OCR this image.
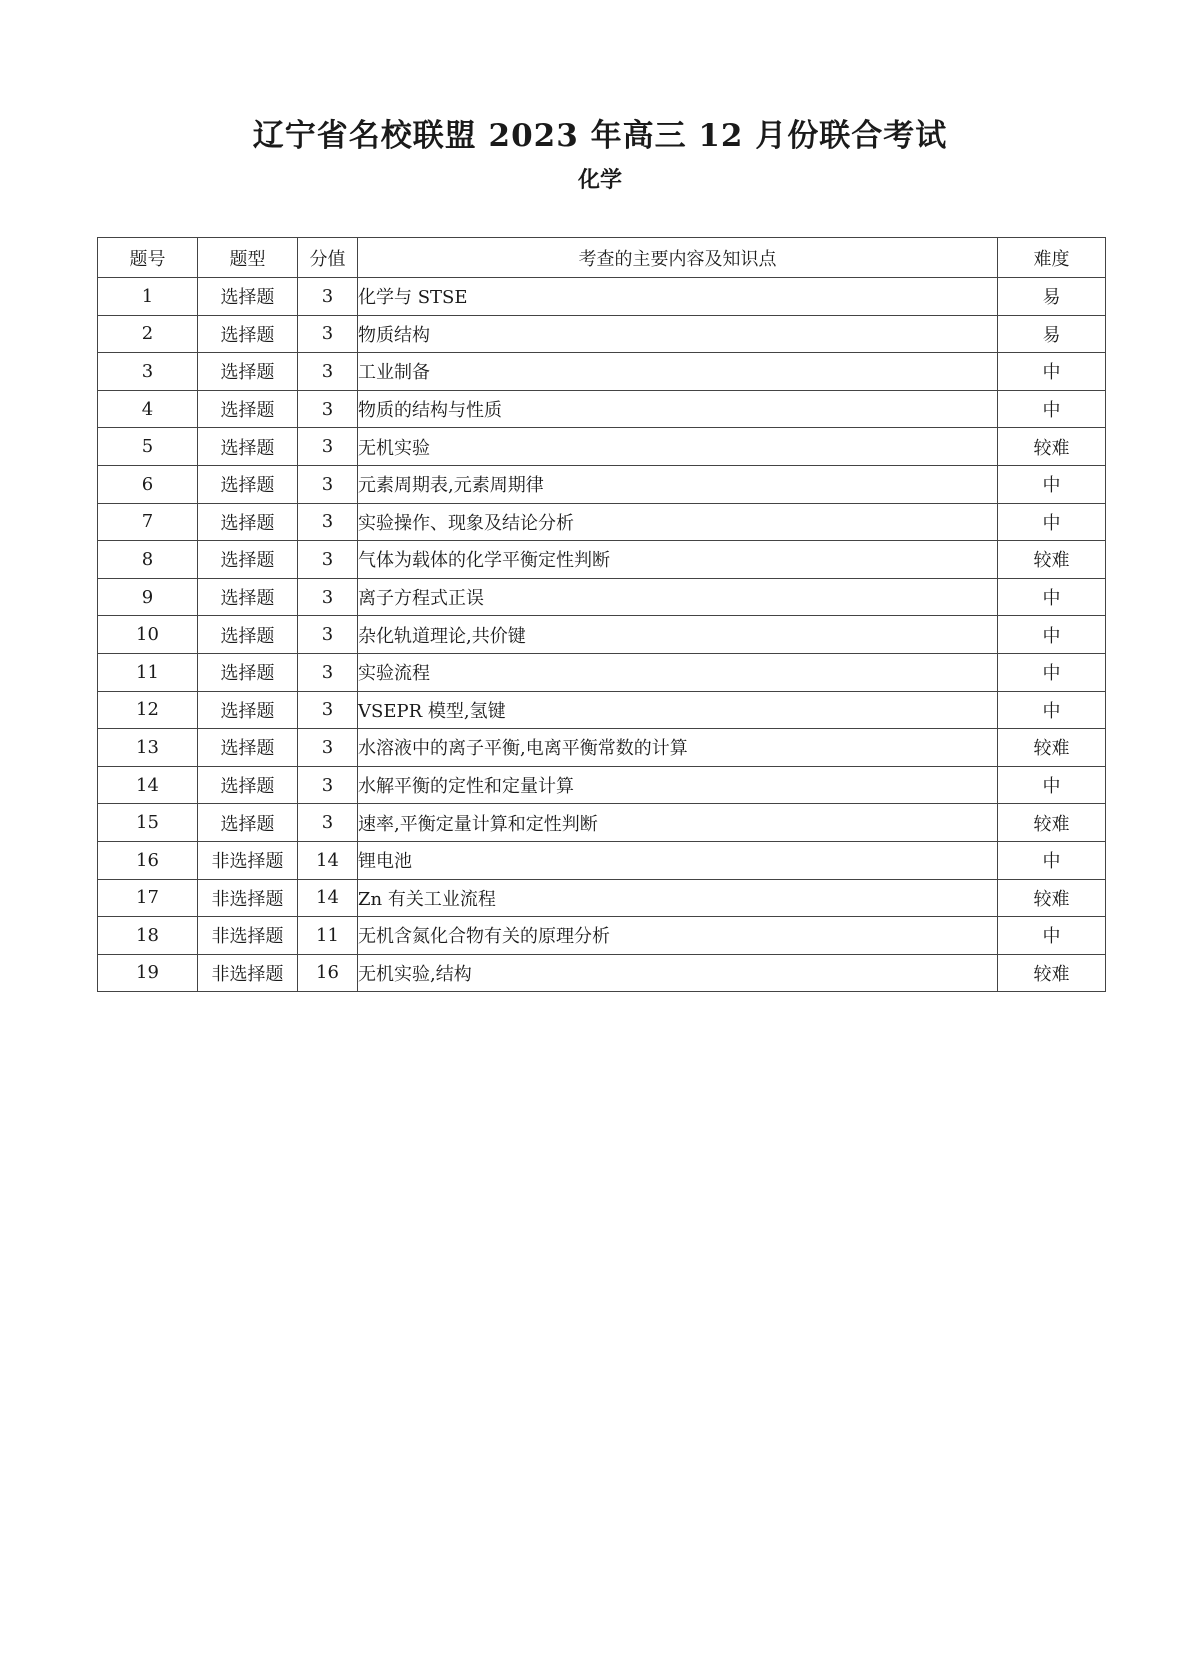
辽宁省名校联盟 2023 年高三 12 月份联合考试
化学
题号	题型	分值	考查的主要内容及知识点	难度
1	选择题	3	化学与 STSE	易
2	选择题	3	物质结构	易
3	选择题	3	工业制备	中
4	选择题	3	物质的结构与性质	中
5	选择题	3	无机实验	较难
6	选择题	3	元素周期表,元素周期律	中
7	选择题	3	实验操作、现象及结论分析	中
8	选择题	3	气体为载体的化学平衡定性判断	较难
9	选择题	3	离子方程式正误	中
10	选择题	3	杂化轨道理论,共价键	中
11	选择题	3	实验流程	中
12	选择题	3	VSEPR 模型,氢键	中
13	选择题	3	水溶液中的离子平衡,电离平衡常数的计算	较难
14	选择题	3	水解平衡的定性和定量计算	中
15	选择题	3	速率,平衡定量计算和定性判断	较难
16	非选择题	14	锂电池	中
17	非选择题	14	Zn 有关工业流程	较难
18	非选择题	11	无机含氮化合物有关的原理分析	中
19	非选择题	16	无机实验,结构	较难
